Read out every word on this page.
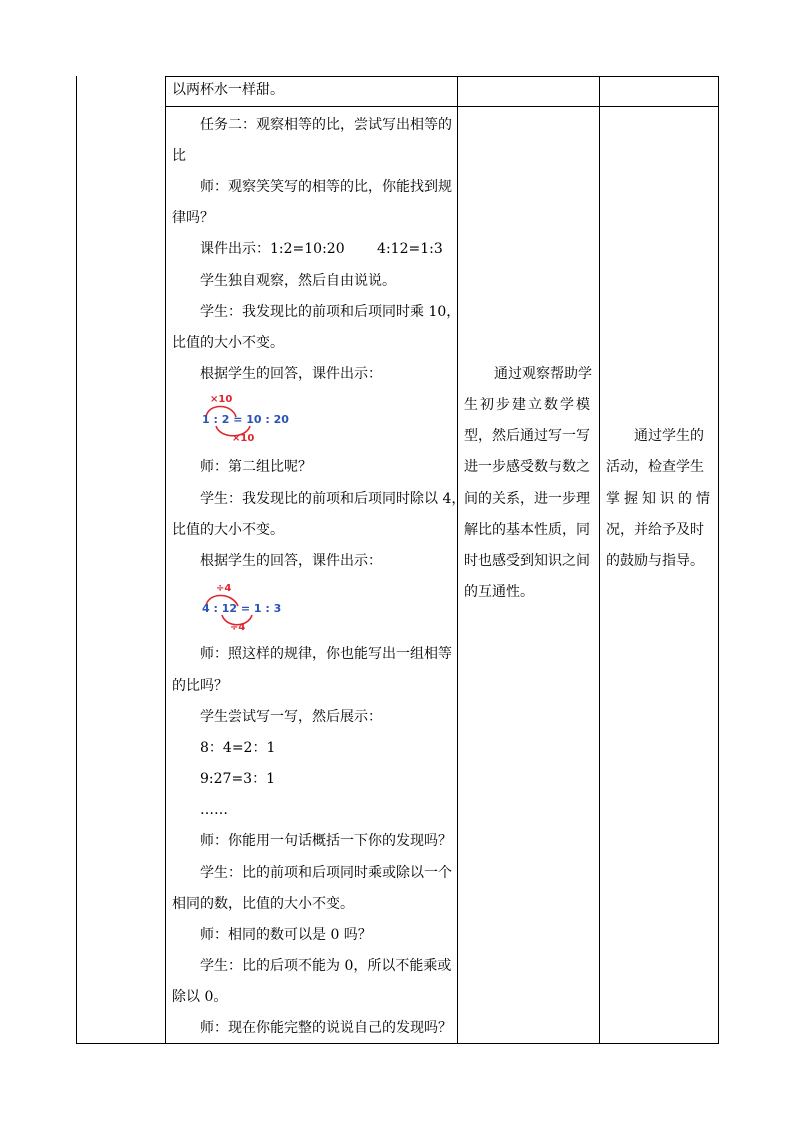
以两杯水一样甜。
任务二：观察相等的比，尝试写出相等的
比
师：观察笑笑写的相等的比，你能找到规
律吗？
课件出示：1:2=10:20　　 4:12=1:3
学生独自观察，然后自由说说。
学生：我发现比的前项和后项同时乘 10，
比值的大小不变。
根据学生的回答，课件出示：
×10
1 : 2 = 10 : 20
×10
师：第二组比呢？
学生：我发现比的前项和后项同时除以 4，
比值的大小不变。
根据学生的回答，课件出示：
÷4
4 : 12 = 1 : 3
÷4
师：照这样的规律，你也能写出一组相等
的比吗？
学生尝试写一写，然后展示：
8：4=2：1
9:27=3：1
……
师：你能用一句话概括一下你的发现吗？
学生：比的前项和后项同时乘或除以一个
相同的数，比值的大小不变。
师：相同的数可以是 0 吗？
学生：比的后项不能为 0，所以不能乘或
除以 0。
师：现在你能完整的说说自己的发现吗？
通过观察帮助学
生初步建立数学模
型，然后通过写一写
进一步感受数与数之
间的关系，进一步理
解比的基本性质，同
时也感受到知识之间
的互通性。
通过学生的
活动，检查学生
掌握知识的情
况，并给予及时
的鼓励与指导。
